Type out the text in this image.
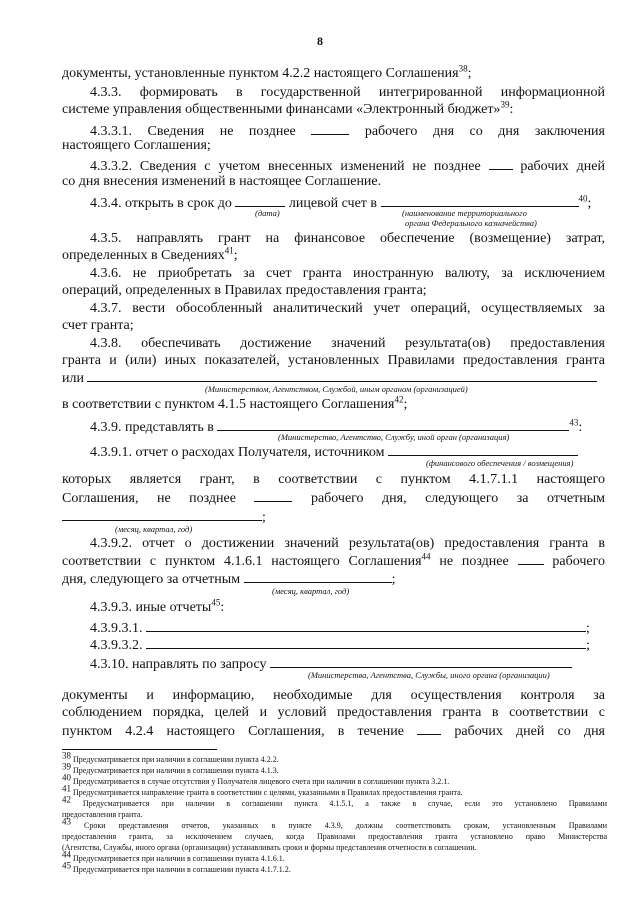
8
документы, установленные пунктом 4.2.2 настоящего Соглашения$^{38}$;
4.3.3. формировать в государственной интегрированной информационной
системе управления общественными финансами «Электронный бюджет»$^{39}$:
4.3.3.1. Сведения не позднее	рабочего дня со дня заключения
настоящего Соглашения;
4.3.3.2. Сведения с учетом внесенных изменений не позднее	рабочих дней
со дня внесения изменений в настоящее Соглашение.
4.3.4. открыть в срок до	лицевой счет в	$^{40}$;
(дата)	(наименование территориального
органа Федерального казначейства)
4.3.5. направлять грант на финансовое обеспечение (возмещение) затрат,
определенных в Сведениях$^{41}$;
4.3.6. не приобретать за счет гранта иностранную валюту, за исключением
операций, определенных в Правилах предоставления гранта;
4.3.7. вести обособленный аналитический учет операций, осуществляемых за
счет гранта;
4.3.8. обеспечивать достижение значений результата(ов) предоставления
гранта и (или) иных показателей, установленных Правилами предоставления гранта
или
(Министерством, Агентством, Службой, иным органом (организацией)
в соответствии с пунктом 4.1.5 настоящего Соглашения$^{42}$;
4.3.9. представлять в	$^{43}$:
(Министерство, Агентство, Службу, иной орган (организация)
4.3.9.1. отчет о расходах Получателя, источником
(финансового обеспечения / возмещения)
которых является грант, в соответствии с пунктом 4.1.7.1.1 настоящего
Соглашения, не позднее	рабочего дня, следующего за отчетным
;
(месяц, квартал, год)
4.3.9.2. отчет о достижении значений результата(ов) предоставления гранта в
соответствии с пунктом 4.1.6.1 настоящего Соглашения$^{44}$ не позднее	рабочего
дня, следующего за отчетным	;
(месяц, квартал, год)
4.3.9.3. иные отчеты$^{45}$:
4.3.9.3.1.	;
4.3.9.3.2.	;
4.3.10. направлять по запросу
(Министерства, Агентства, Службы, иного органа (организации)
документы и информацию, необходимые для осуществления контроля за
соблюдением порядка, целей и условий предоставления гранта в соответствии с
пунктом 4.2.4 настоящего Соглашения, в течение	рабочих дней со дня
$^{38}$ Предусматривается при наличии в соглашении пункта 4.2.2.
$^{39}$ Предусматривается при наличии в соглашении пункта 4.1.3.
$^{40}$ Предусматривается в случае отсутствия у Получателя лицевого счета при наличии в соглашении пункта 3.2.1.
$^{41}$ Предусматривается направление гранта в соответствии с целями, указанными в Правилах предоставления гранта.
$^{42}$ Предусматривается при наличии в соглашении пункта 4.1.5.1, а также в случае, если это установлено Правилами
предоставления гранта.
$^{43}$ Сроки представления отчетов, указанных в пункте 4.3.9, должны соответствовать срокам, установленным Правилами
предоставления гранта, за исключением случаев, когда Правилами предоставления гранта установлено право Министерства
(Агентства, Службы, иного органа (организации) устанавливать сроки и формы представления отчетности в соглашении.
$^{44}$ Предусматривается при наличии в соглашении пункта 4.1.6.1.
$^{45}$ Предусматривается при наличии в соглашении пункта 4.1.7.1.2.
